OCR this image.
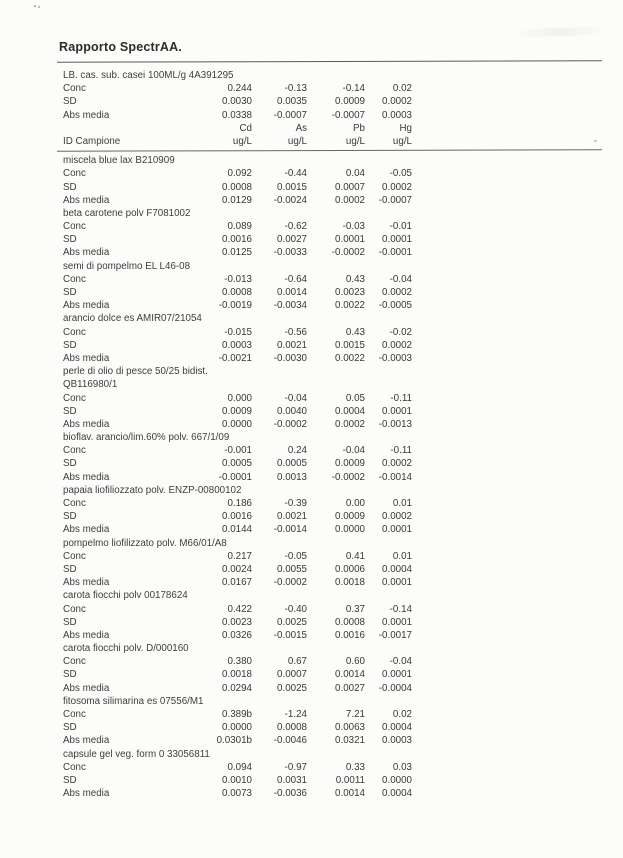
Rapporto SpectrAA.
LB. cas. sub. casei 100ML/g 4A391295
Conc	0.244	-0.13	-0.14	0.02
SD	0.0030	0.0035	0.0009	0.0002
Abs media	0.0338	-0.0007	-0.0007	0.0003
Cd	As	Pb	Hg
ID Campione	ug/L	ug/L	ug/L	ug/L
miscela blue lax B210909
Conc	0.092	-0.44	0.04	-0.05
SD	0.0008	0.0015	0.0007	0.0002
Abs media	0.0129	-0.0024	0.0002	-0.0007
beta carotene polv F7081002
Conc	0.089	-0.62	-0.03	-0.01
SD	0.0016	0.0027	0.0001	0.0001
Abs media	0.0125	-0.0033	-0.0002	-0.0001
semi di pompelmo EL L46-08
Conc	-0.013	-0.64	0.43	-0.04
SD	0.0008	0.0014	0.0023	0.0002
Abs media	-0.0019	-0.0034	0.0022	-0.0005
arancio dolce es AMIR07/21054
Conc	-0.015	-0.56	0.43	-0.02
SD	0.0003	0.0021	0.0015	0.0002
Abs media	-0.0021	-0.0030	0.0022	-0.0003
perle di olio di pesce 50/25 bidist.
QB116980/1
Conc	0.000	-0.04	0.05	-0.11
SD	0.0009	0.0040	0.0004	0.0001
Abs media	0.0000	-0.0002	0.0002	-0.0013
bioflav. arancio/lim.60% polv. 667/1/09
Conc	-0.001	0.24	-0.04	-0.11
SD	0.0005	0.0005	0.0009	0.0002
Abs media	-0.0001	0.0013	-0.0002	-0.0014
papaia liofiliozzato polv. ENZP-00800102
Conc	0.186	-0.39	0.00	0.01
SD	0.0016	0.0021	0.0009	0.0002
Abs media	0.0144	-0.0014	0.0000	0.0001
pompelmo liofilizzato polv. M66/01/A8
Conc	0.217	-0.05	0.41	0.01
SD	0.0024	0.0055	0.0006	0.0004
Abs media	0.0167	-0.0002	0.0018	0.0001
carota fiocchi polv 00178624
Conc	0.422	-0.40	0.37	-0.14
SD	0.0023	0.0025	0.0008	0.0001
Abs media	0.0326	-0.0015	0.0016	-0.0017
carota fiocchi polv. D/000160
Conc	0.380	0.67	0.60	-0.04
SD	0.0018	0.0007	0.0014	0.0001
Abs media	0.0294	0.0025	0.0027	-0.0004
fitosoma silimarina es 07556/M1
Conc	0.389b	-1.24	7.21	0.02
SD	0.0000	0.0008	0.0063	0.0004
Abs media	0.0301b	-0.0046	0.0321	0.0003
capsule gel veg. form 0 33056811
Conc	0.094	-0.97	0.33	0.03
SD	0.0010	0.0031	0.0011	0.0000
Abs media	0.0073	-0.0036	0.0014	0.0004
